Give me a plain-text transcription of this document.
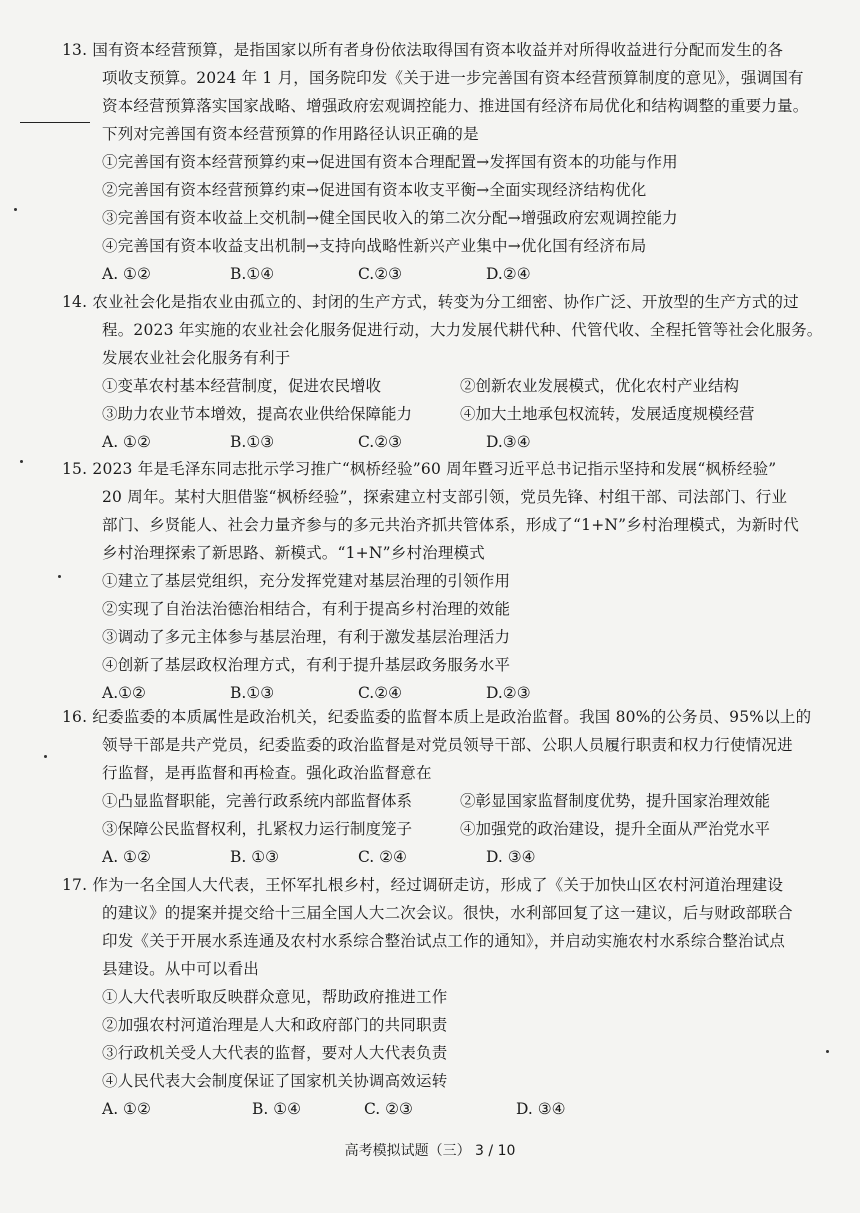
13. 国有资本经营预算，是指国家以所有者身份依法取得国有资本收益并对所得收益进行分配而发生的各
项收支预算。2024 年 1 月，国务院印发《关于进一步完善国有资本经营预算制度的意见》，强调国有
资本经营预算落实国家战略、增强政府宏观调控能力、推进国有经济布局优化和结构调整的重要力量。
下列对完善国有资本经营预算的作用路径认识正确的是
①完善国有资本经营预算约束→促进国有资本合理配置→发挥国有资本的功能与作用
②完善国有资本经营预算约束→促进国有资本收支平衡→全面实现经济结构优化
③完善国有资本收益上交机制→健全国民收入的第二次分配→增强政府宏观调控能力
④完善国有资本收益支出机制→支持向战略性新兴产业集中→优化国有经济布局
A. ①②	B.①④	C.②③	D.②④
14. 农业社会化是指农业由孤立的、封闭的生产方式，转变为分工细密、协作广泛、开放型的生产方式的过
程。2023 年实施的农业社会化服务促进行动，大力发展代耕代种、代管代收、全程托管等社会化服务。
发展农业社会化服务有利于
①变革农村基本经营制度，促进农民增收	②创新农业发展模式，优化农村产业结构
③助力农业节本增效，提高农业供给保障能力	④加大土地承包权流转，发展适度规模经营
A. ①②	B.①③	C.②③	D.③④
15. 2023 年是毛泽东同志批示学习推广“枫桥经验”60 周年暨习近平总书记指示坚持和发展“枫桥经验”
20 周年。某村大胆借鉴“枫桥经验”，探索建立村支部引领，党员先锋、村组干部、司法部门、行业
部门、乡贤能人、社会力量齐参与的多元共治齐抓共管体系，形成了“1+N”乡村治理模式，为新时代
乡村治理探索了新思路、新模式。“1+N”乡村治理模式
①建立了基层党组织，充分发挥党建对基层治理的引领作用
②实现了自治法治德治相结合，有利于提高乡村治理的效能
③调动了多元主体参与基层治理，有利于激发基层治理活力
④创新了基层政权治理方式，有利于提升基层政务服务水平
A.①②	B.①③	C.②④	D.②③
16. 纪委监委的本质属性是政治机关，纪委监委的监督本质上是政治监督。我国 80%的公务员、95%以上的
领导干部是共产党员，纪委监委的政治监督是对党员领导干部、公职人员履行职责和权力行使情况进
行监督，是再监督和再检查。强化政治监督意在
①凸显监督职能，完善行政系统内部监督体系	②彰显国家监督制度优势，提升国家治理效能
③保障公民监督权利，扎紧权力运行制度笼子	④加强党的政治建设，提升全面从严治党水平
A. ①②	B. ①③	C. ②④	D. ③④
17. 作为一名全国人大代表，王怀军扎根乡村，经过调研走访，形成了《关于加快山区农村河道治理建设
的建议》的提案并提交给十三届全国人大二次会议。很快，水利部回复了这一建议，后与财政部联合
印发《关于开展水系连通及农村水系综合整治试点工作的通知》，并启动实施农村水系综合整治试点
县建设。从中可以看出
①人大代表听取反映群众意见，帮助政府推进工作
②加强农村河道治理是人大和政府部门的共同职责
③行政机关受人大代表的监督，要对人大代表负责
④人民代表大会制度保证了国家机关协调高效运转
A. ①②	B. ①④	C. ②③	D. ③④
高考模拟试题（三） 3 / 10
